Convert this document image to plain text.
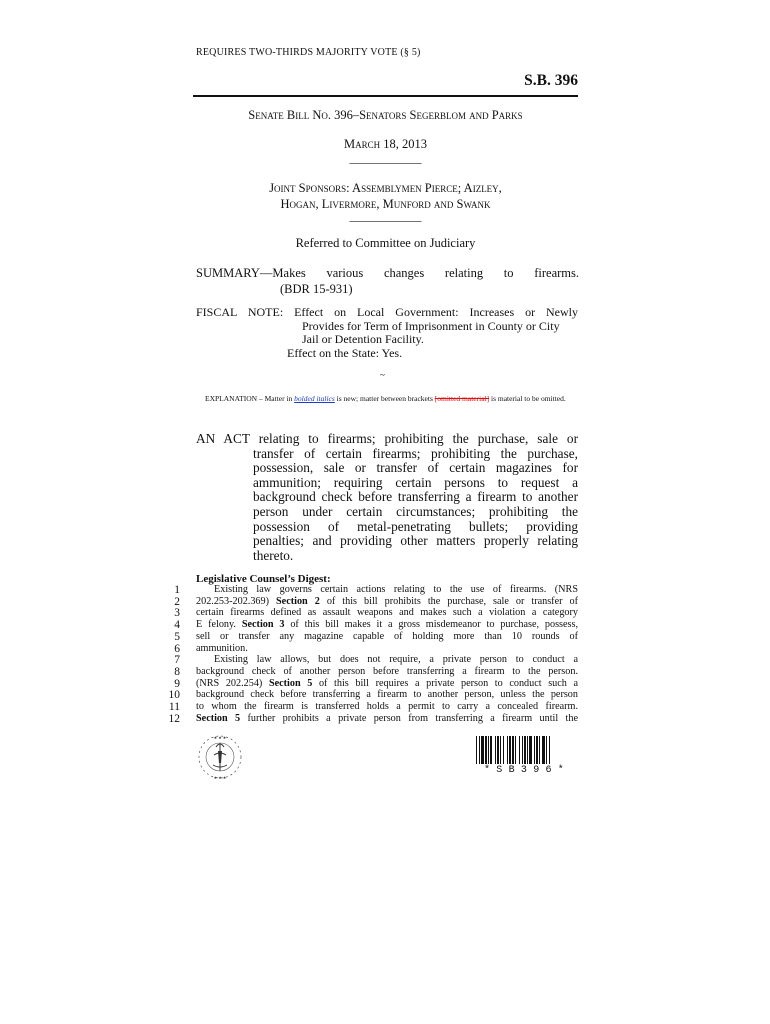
REQUIRES TWO-THIRDS MAJORITY VOTE (§ 5)
S.B. 396
Senate Bill No. 396–Senators Segerblom and Parks
March 18, 2013
____________
Joint Sponsors: Assemblymen Pierce; Aizley,
Hogan, Livermore, Munford and Swank
____________
Referred to Committee on Judiciary
SUMMARY—Makes various changes relating to firearms.
(BDR 15-931)
FISCAL NOTE: Effect on Local Government: Increases or Newly
Provides for Term of Imprisonment in County or City
Jail or Detention Facility.
Effect on the State: Yes.
~
EXPLANATION – Matter in bolded italics is new; matter between brackets [omitted material] is material to be omitted.
AN ACT relating to firearms; prohibiting the purchase, sale or
transfer of certain firearms; prohibiting the purchase,
possession, sale or transfer of certain magazines for
ammunition; requiring certain persons to request a
background check before transferring a firearm to another
person under certain circumstances; prohibiting the
possession of metal-penetrating bullets; providing
penalties; and providing other matters properly relating
thereto.
Legislative Counsel’s Digest:
1	Existing law governs certain actions relating to the use of firearms. (NRS
2 202.253-202.369) Section 2 of this bill prohibits the purchase, sale or transfer of
3 certain firearms defined as assault weapons and makes such a violation a category
4 E felony. Section 3 of this bill makes it a gross misdemeanor to purchase, possess,
5 sell or transfer any magazine capable of holding more than 10 rounds of
6 ammunition.
7	Existing law allows, but does not require, a private person to conduct a
8 background check of another person before transferring a firearm to the person.
9 (NRS 202.254) Section 5 of this bill requires a private person to conduct such a
10 background check before transferring a firearm to another person, unless the person
11 to whom the firearm is transferred holds a permit to carry a concealed firearm.
12 Section 5 further prohibits a private person from transferring a firearm until the
★ ★ ★
★ ★ ★
*SB396*
